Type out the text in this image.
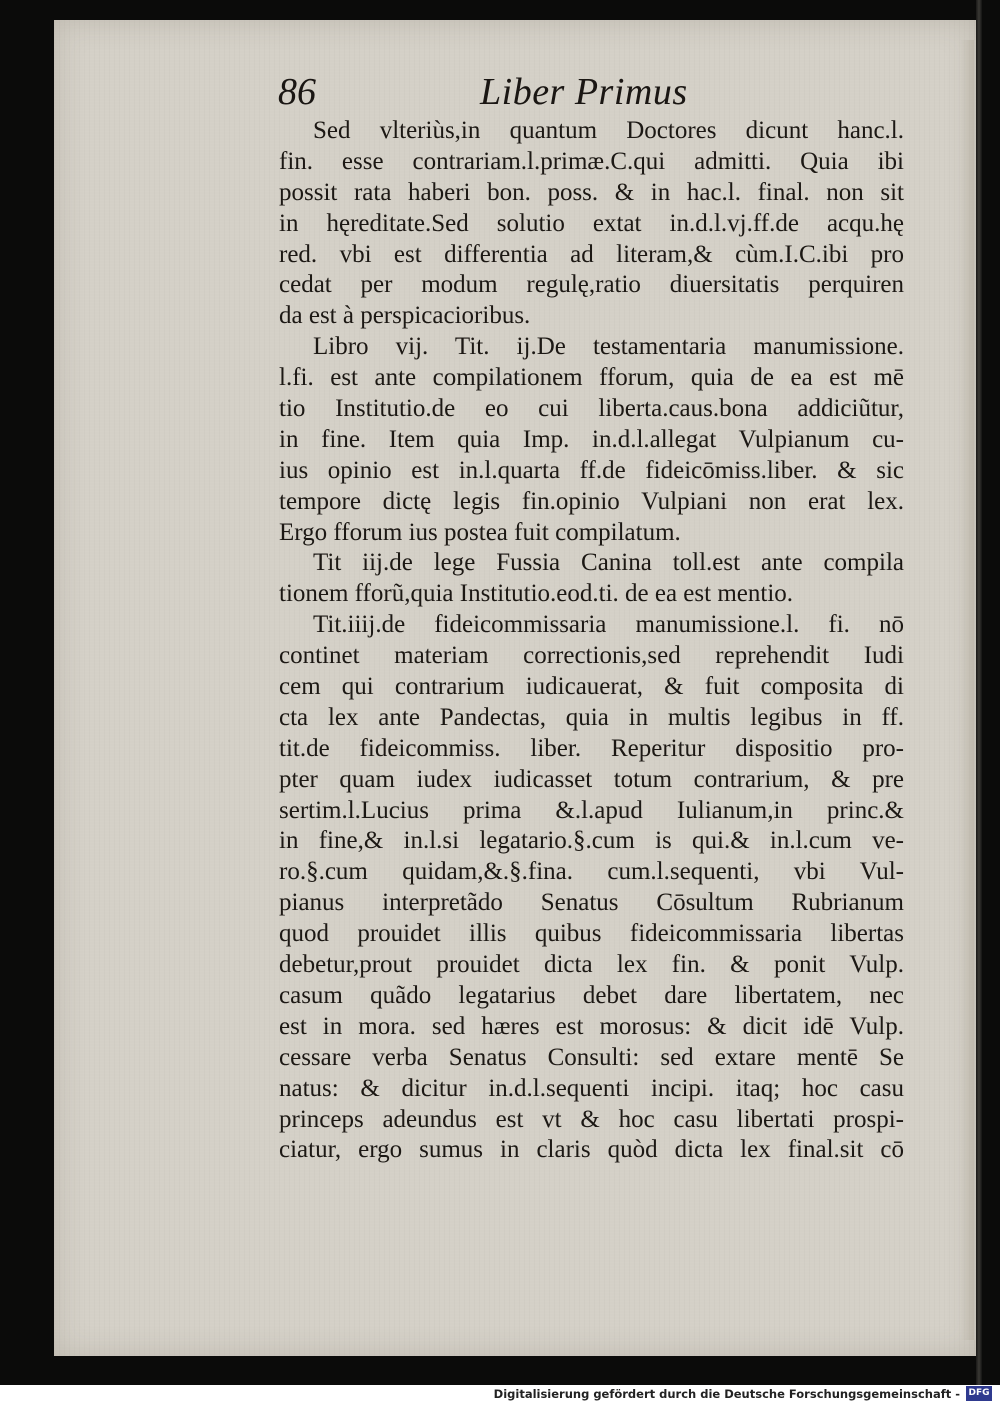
86	Liber Primus
Sed vlteriùs,in quantum Doctores dicunt hanc.l.
fin. esse contrariam.l.primæ.C.qui admitti. Quia ibi
possit rata haberi bon. poss. & in hac.l. final. non sit
in hęreditate.Sed solutio extat in.d.l.vj.ff.de acqu.hę
red. vbi est differentia ad literam,& cùm.I.C.ibi pro
cedat per modum regulę,ratio diuersitatis perquiren
da est à perspicacioribus.
Libro vij. Tit. ij.De testamentaria manumissione.
l.fi. est ante compilationem fforum, quia de ea est mē
tio Institutio.de eo cui liberta.caus.bona addiciũtur,
in fine. Item quia Imp. in.d.l.allegat Vulpianum cu-
ius opinio est in.l.quarta ff.de fideicōmiss.liber. & sic
tempore dictę legis fin.opinio Vulpiani non erat lex.
Ergo fforum ius postea fuit compilatum.
Tit iij.de lege Fussia Canina toll.est ante compila
tionem fforũ,quia Institutio.eod.ti. de ea est mentio.
Tit.iiij.de fideicommissaria manumissione.l. fi. nō
continet materiam correctionis,sed reprehendit Iudi
cem qui contrarium iudicauerat, & fuit composita di
cta lex ante Pandectas, quia in multis legibus in ff.
tit.de fideicommiss. liber. Reperitur dispositio pro-
pter quam iudex iudicasset totum contrarium, & pre
sertim.l.Lucius prima &.l.apud Iulianum,in princ.&
in fine,& in.l.si legatario.§.cum is qui.& in.l.cum ve-
ro.§.cum quidam,&.§.fina. cum.l.sequenti, vbi Vul-
pianus interpretãdo Senatus Cōsultum Rubrianum
quod prouidet illis quibus fideicommissaria libertas
debetur,prout prouidet dicta lex fin. & ponit Vulp.
casum quãdo legatarius debet dare libertatem, nec
est in mora. sed hæres est morosus: & dicit idē Vulp.
cessare verba Senatus Consulti: sed extare mentē Se
natus: & dicitur in.d.l.sequenti incipi. itaq; hoc casu
princeps adeundus est vt & hoc casu libertati prospi-
ciatur, ergo sumus in claris quòd dicta lex final.sit cō
Digitalisierung gefördert durch die Deutsche Forschungsgemeinschaft - DFG
